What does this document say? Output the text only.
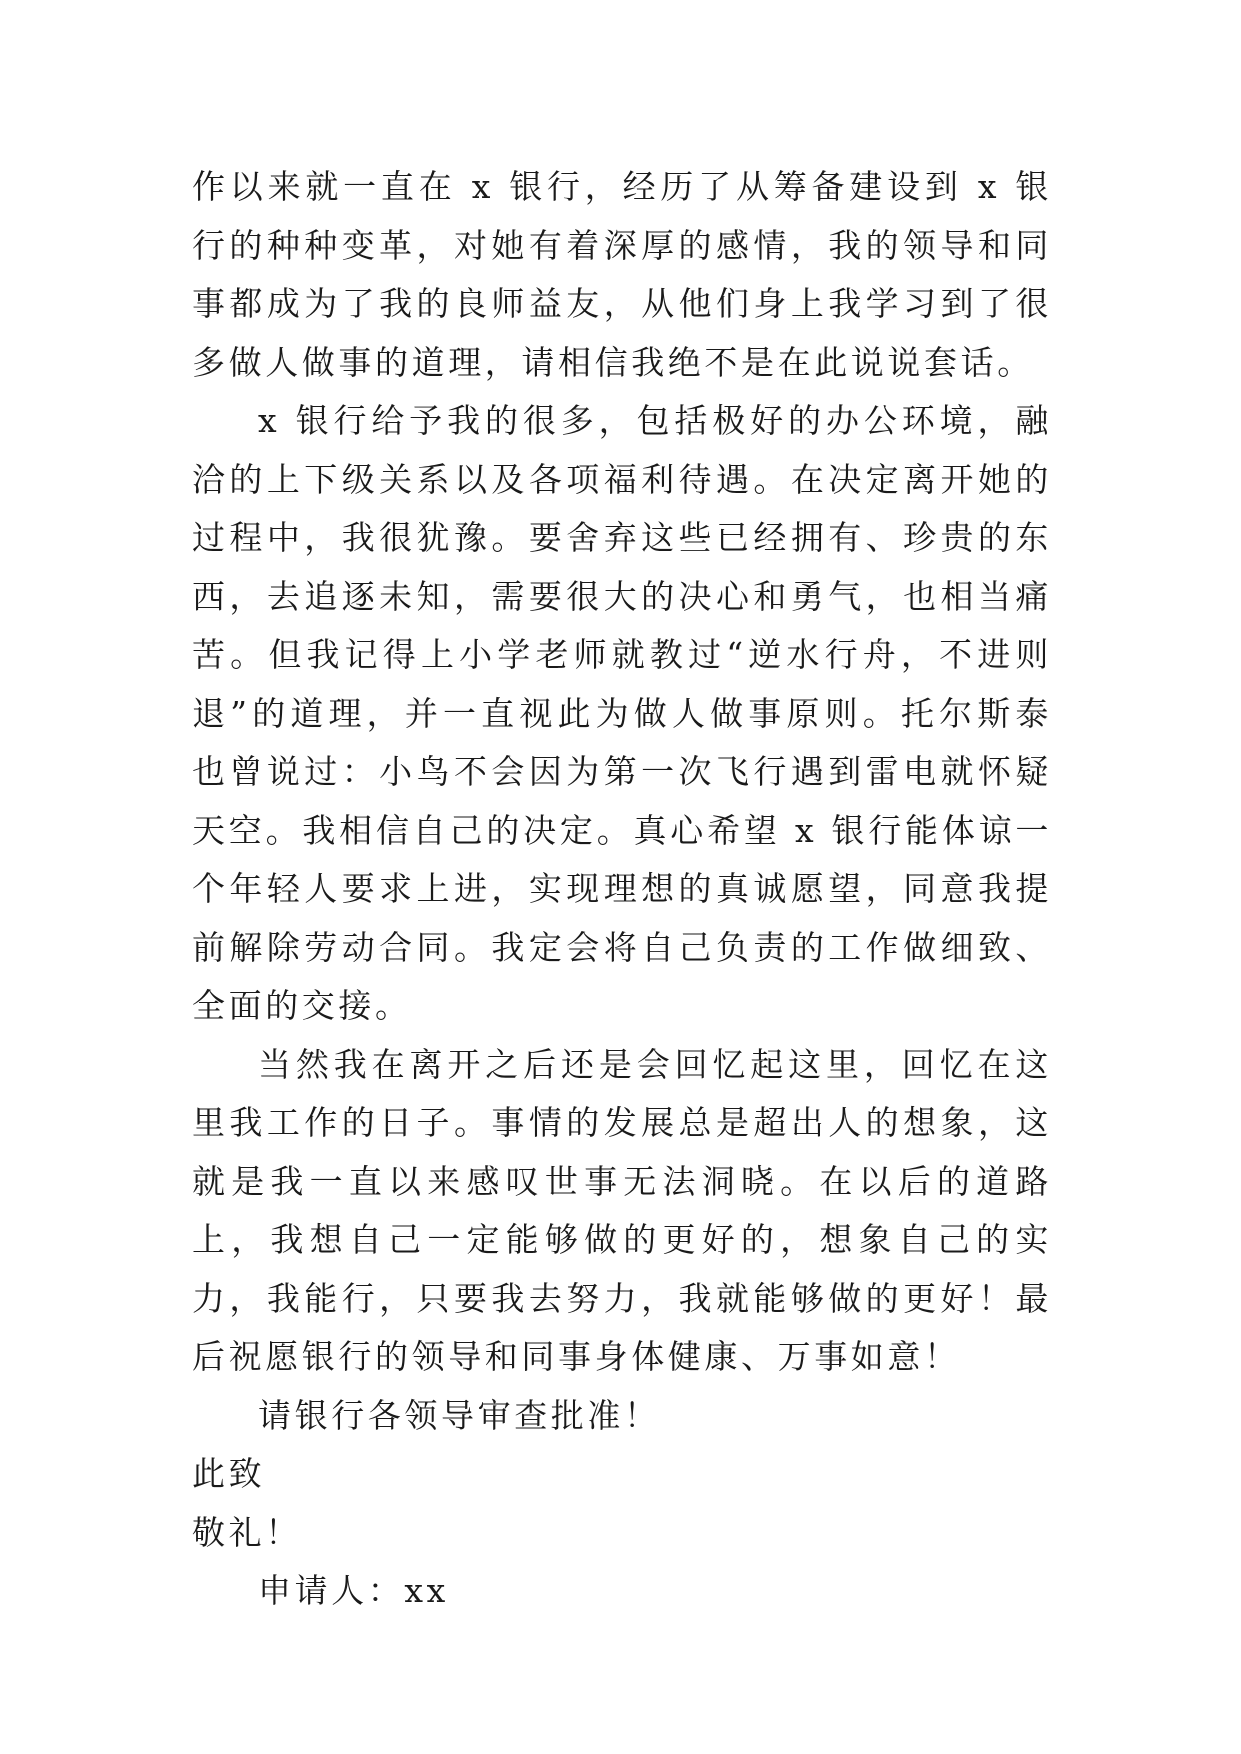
作以来就一直在 x 银行，经历了从筹备建设到 x 银行的种种变革，对她有着深厚的感情，我的领导和同事都成为了我的良师益友，从他们身上我学习到了很多做人做事的道理，请相信我绝不是在此说说套话。

x 银行给予我的很多，包括极好的办公环境，融洽的上下级关系以及各项福利待遇。在决定离开她的过程中，我很犹豫。要舍弃这些已经拥有、珍贵的东西，去追逐未知，需要很大的决心和勇气，也相当痛苦。但我记得上小学老师就教过“逆水行舟，不进则退”的道理，并一直视此为做人做事原则。托尔斯泰也曾说过：小鸟不会因为第一次飞行遇到雷电就怀疑天空。我相信自己的决定。真心希望 x 银行能体谅一个年轻人要求上进，实现理想的真诚愿望，同意我提前解除劳动合同。我定会将自己负责的工作做细致、全面的交接。

当然我在离开之后还是会回忆起这里，回忆在这里我工作的日子。事情的发展总是超出人的想象，这就是我一直以来感叹世事无法洞晓。在以后的道路上，我想自己一定能够做的更好的，想象自己的实力，我能行，只要我去努力，我就能够做的更好！最后祝愿银行的领导和同事身体健康、万事如意！

请银行各领导审查批准！

此致

敬礼！

申请人：xx
